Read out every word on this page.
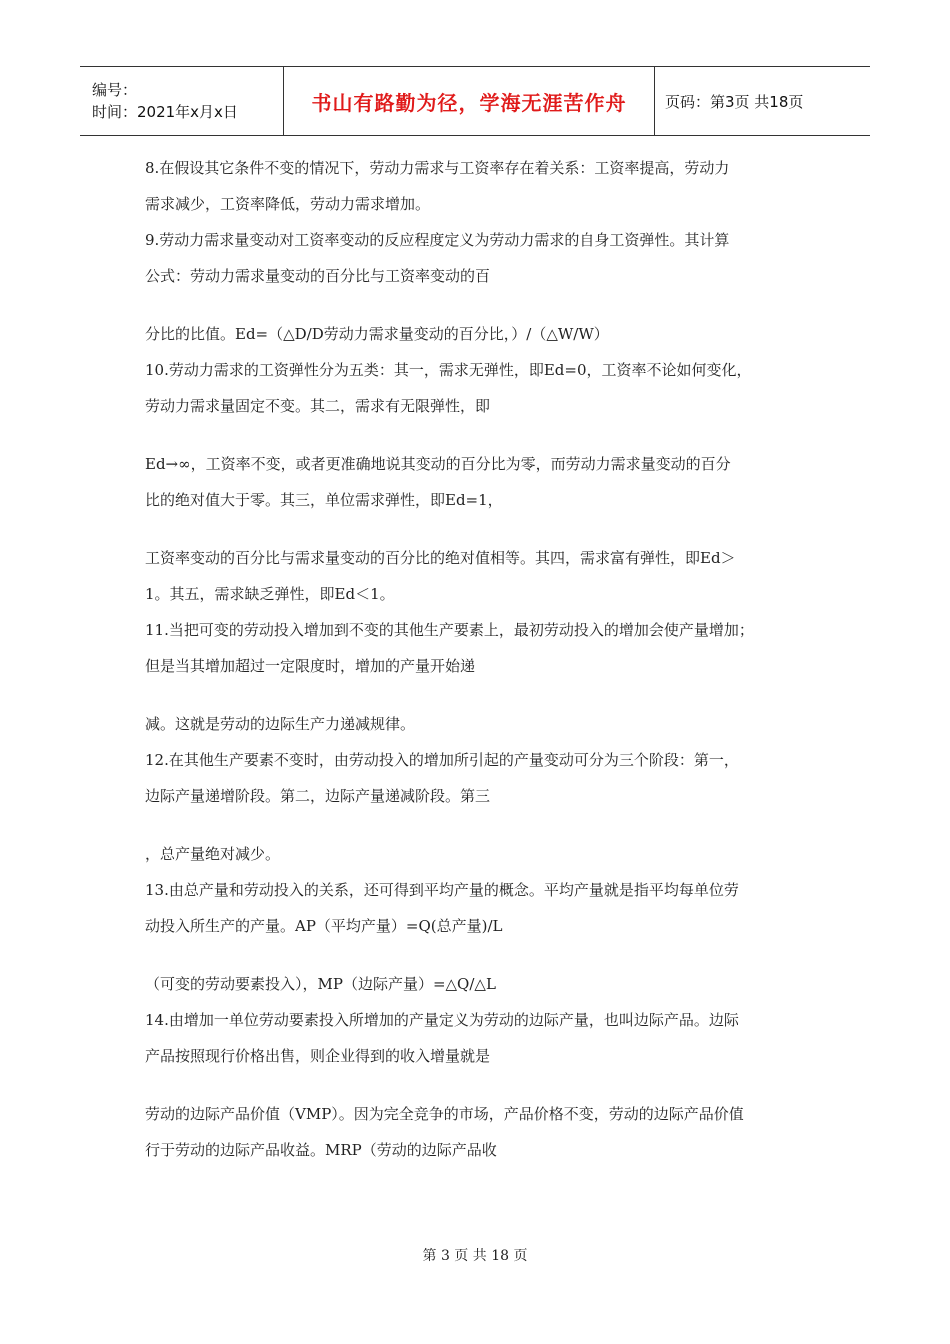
编号：
时间：2021年x月x日	书山有路勤为径，学海无涯苦作舟	页码：第3页 共18页
8.在假设其它条件不变的情况下，劳动力需求与工资率存在着关系：工资率提高，劳动力
需求减少，工资率降低，劳动力需求增加。
9.劳动力需求量变动对工资率变动的反应程度定义为劳动力需求的自身工资弹性。其计算
公式：劳动力需求量变动的百分比与工资率变动的百
分比的比值。Ed=（△D/D劳动力需求量变动的百分比，）/（△W/W）
10.劳动力需求的工资弹性分为五类：其一，需求无弹性，即Ed=0，工资率不论如何变化，
劳动力需求量固定不变。其二，需求有无限弹性，即
Ed→∞，工资率不变，或者更准确地说其变动的百分比为零，而劳动力需求量变动的百分
比的绝对值大于零。其三，单位需求弹性，即Ed=1，
工资率变动的百分比与需求量变动的百分比的绝对值相等。其四，需求富有弹性，即Ed＞
1。其五，需求缺乏弹性，即Ed＜1。
11.当把可变的劳动投入增加到不变的其他生产要素上，最初劳动投入的增加会使产量增加；
但是当其增加超过一定限度时，增加的产量开始递
减。这就是劳动的边际生产力递减规律。
12.在其他生产要素不变时，由劳动投入的增加所引起的产量变动可分为三个阶段：第一，
边际产量递增阶段。第二，边际产量递减阶段。第三
，总产量绝对减少。
13.由总产量和劳动投入的关系，还可得到平均产量的概念。平均产量就是指平均每单位劳
动投入所生产的产量。AP（平均产量）=Q(总产量)/L
（可变的劳动要素投入），MP（边际产量）=△Q/△L
14.由增加一单位劳动要素投入所增加的产量定义为劳动的边际产量，也叫边际产品。边际
产品按照现行价格出售，则企业得到的收入增量就是
劳动的边际产品价值（VMP）。因为完全竞争的市场，产品价格不变，劳动的边际产品价值
行于劳动的边际产品收益。MRP（劳动的边际产品收
第 3 页 共 18 页
